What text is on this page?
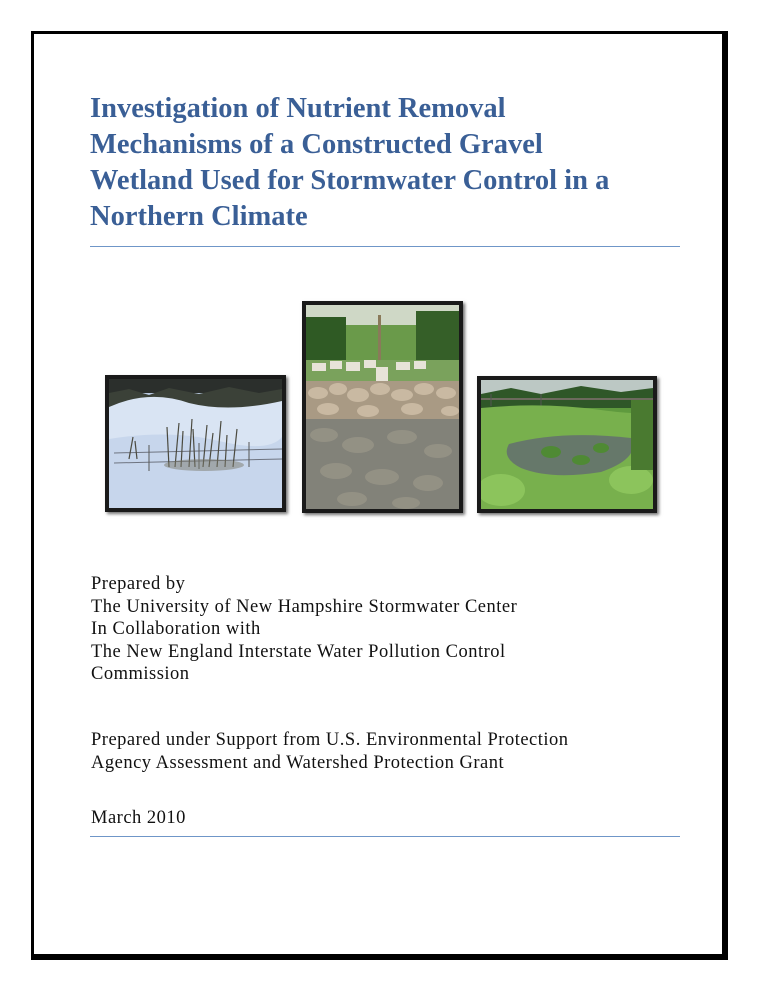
Investigation of Nutrient Removal
Mechanisms of a Constructed Gravel
Wetland Used for Stormwater Control in a
Northern Climate
Prepared by
The University of New Hampshire Stormwater Center
In Collaboration with
The New England Interstate Water Pollution Control
Commission
Prepared under Support from U.S. Environmental Protection
Agency Assessment and Watershed Protection Grant
March 2010
